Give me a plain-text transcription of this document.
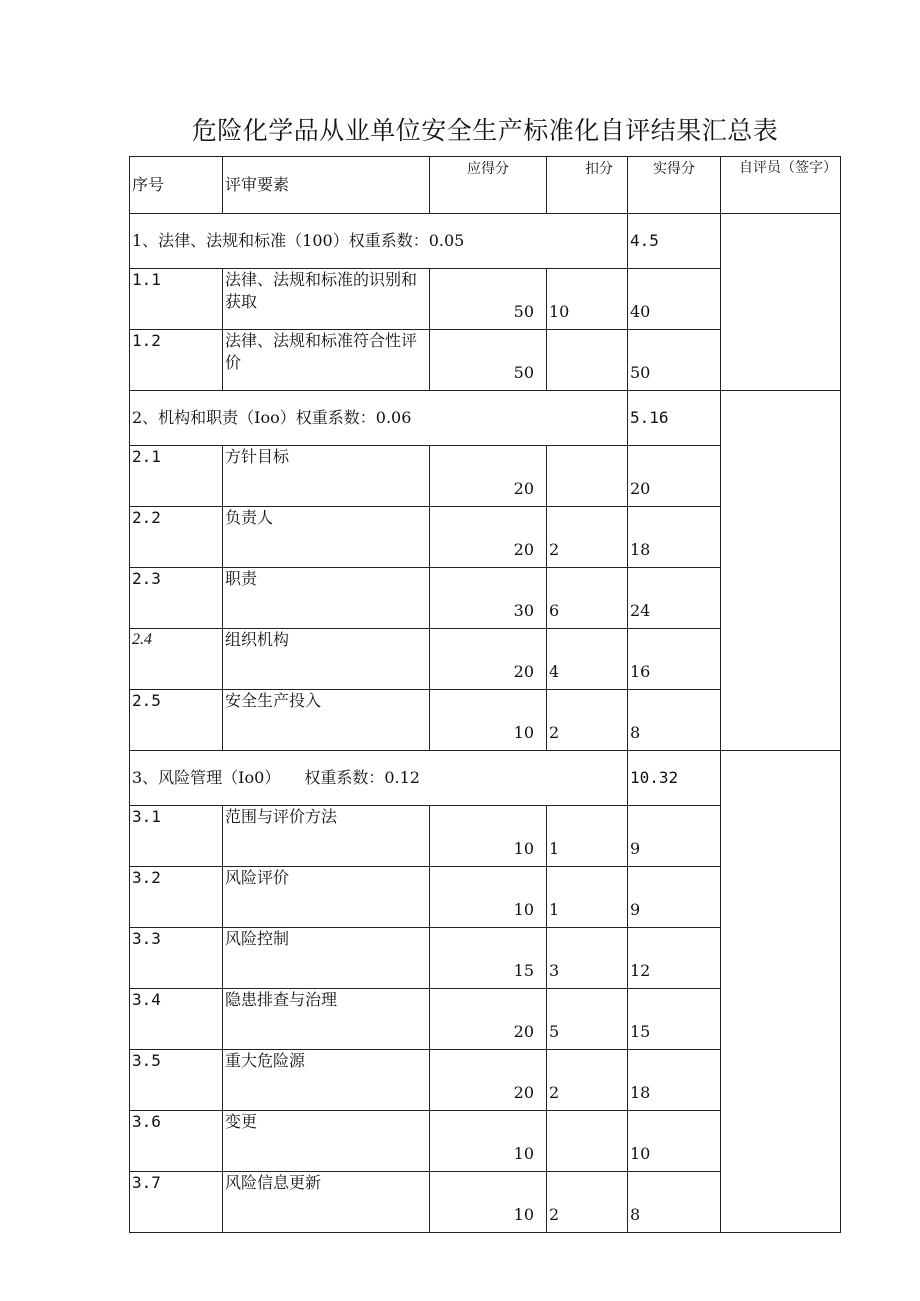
危险化学品从业单位安全生产标准化自评结果汇总表
序号	评审要素	应得分	扣分	实得分	自评员（签字）
1、法律、法规和标准（100）权重系数：0.05				4.5	
1.1	法律、法规和标准的识别和获取	50	10	40	
1.2	法律、法规和标准符合性评价	50		50	
2、机构和职责（Ioo）权重系数：0.06				5.16	
2.1	方针目标	20		20	
2.2	负责人	20	2	18	
2.3	职责	30	6	24	
2.4	组织机构	20	4	16	
2.5	安全生产投入	10	2	8	
3、风险管理（Io0）　　权重系数：0.12				10.32	
3.1	范围与评价方法	10	1	9	
3.2	风险评价	10	1	9	
3.3	风险控制	15	3	12	
3.4	隐患排查与治理	20	5	15	
3.5	重大危险源	20	2	18	
3.6	变更	10		10	
3.7	风险信息更新	10	2	8	
